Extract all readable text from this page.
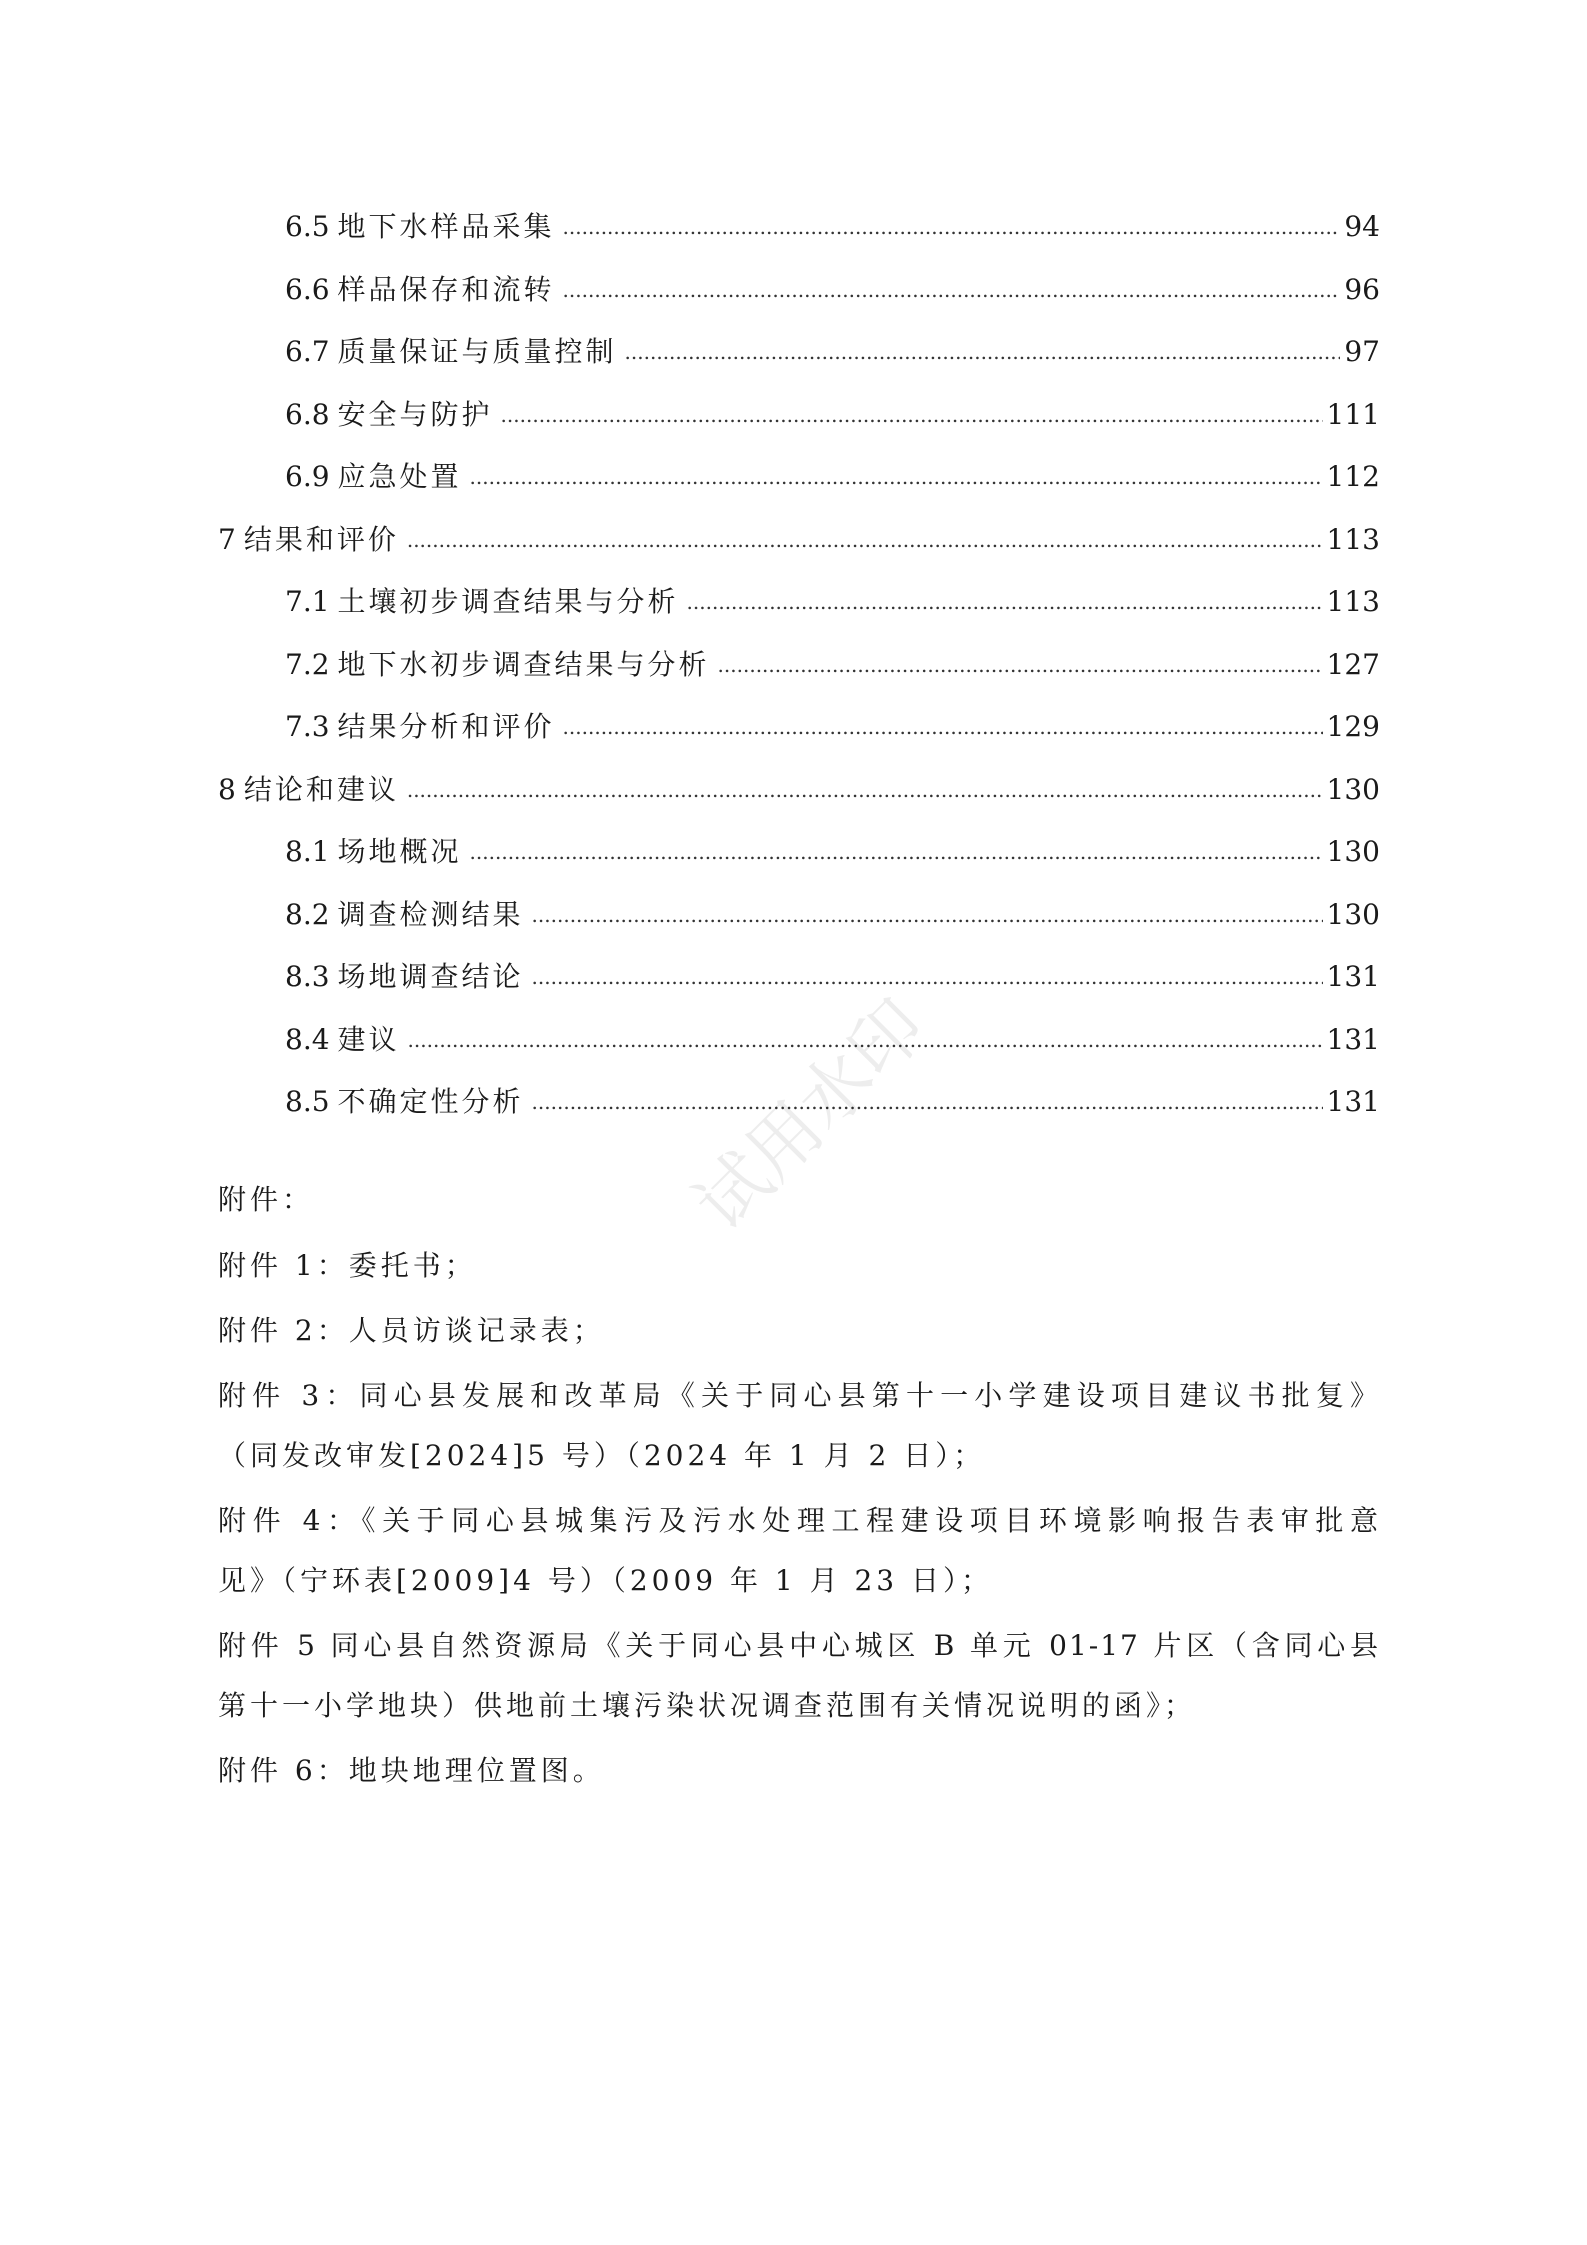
6.5 地下水样品采集 .....	94
6.6 样品保存和流转 .....	96
6.7 质量保证与质量控制 .....	97
6.8 安全与防护 .....	111
6.9 应急处置 .....	112
7 结果和评价 .....	113
7.1 土壤初步调查结果与分析 .....	113
7.2 地下水初步调查结果与分析 .....	127
7.3 结果分析和评价 .....	129
8 结论和建议 .....	130
8.1 场地概况 .....	130
8.2 调查检测结果 .....	130
8.3 场地调查结论 .....	131
8.4 建议 .....	131
8.5 不确定性分析 .....	131
附件：
附件 1：委托书；
附件 2：人员访谈记录表；
附件 3：同心县发展和改革局《关于同心县第十一小学建设项目建议书批复》
（同发改审发[2024]5 号）（2024 年 1 月 2 日）；
附件 4：《关于同心县城集污及污水处理工程建设项目环境影响报告表审批意
见》（宁环表[2009]4 号）（2009 年 1 月 23 日）；
附件 5 同心县自然资源局《关于同心县中心城区 B 单元 01-17 片区（含同心县
第十一小学地块）供地前土壤污染状况调查范围有关情况说明的函》；
附件 6：地块地理位置图。
试用水印
